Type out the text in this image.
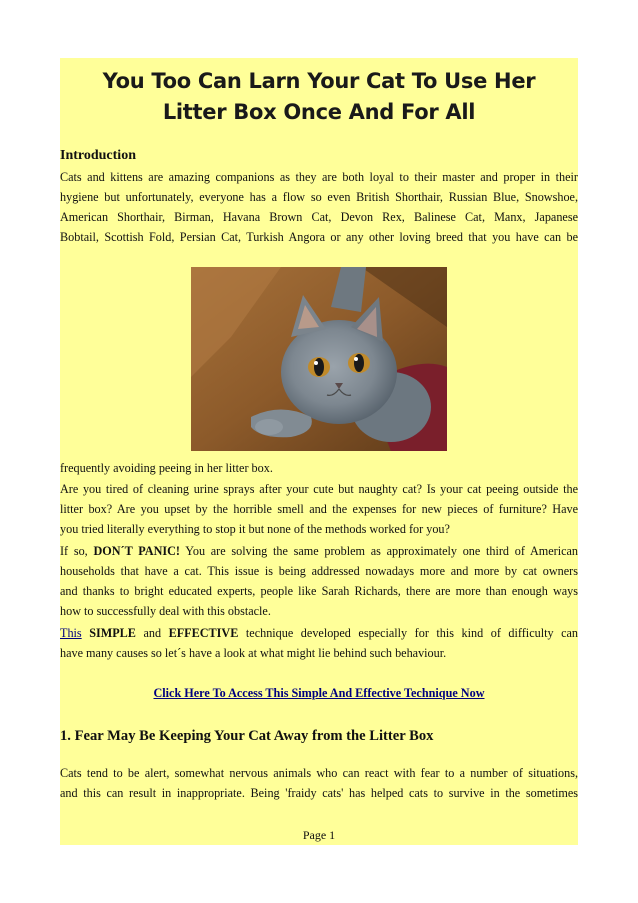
You Too Can Larn Your Cat To Use Her
Litter Box Once And For All
Introduction
Cats and kittens are amazing companions as they are both loyal to their master and proper in their
hygiene but unfortunately, everyone has a flow so even British Shorthair, Russian Blue, Snowshoe,
American Shorthair, Birman, Havana Brown Cat, Devon Rex, Balinese Cat, Manx, Japanese
Bobtail, Scottish Fold, Persian Cat, Turkish Angora or any other loving breed that you have can be
frequently avoiding peeing in her litter box.
Are you tired of cleaning urine sprays after your cute but naughty cat? Is your cat peeing outside the
litter box? Are you upset by the horrible smell and the expenses for new pieces of furniture? Have
you tried literally everything to stop it but none of the methods worked for you?
If so, DON´T PANIC! You are solving the same problem as approximately one third of American
households that have a cat. This issue is being addressed nowadays more and more by cat owners
and thanks to bright educated experts, people like Sarah Richards, there are more than enough ways
how to successfully deal with this obstacle.
This SIMPLE and EFFECTIVE technique developed especially for this kind of difficulty can
have many causes so let´s have a look at what might lie behind such behaviour.
Click Here To Access This Simple And Effective Technique Now
1. Fear May Be Keeping Your Cat Away from the Litter Box
Cats tend to be alert, somewhat nervous animals who can react with fear to a number of situations,
and this can result in inappropriate. Being 'fraidy cats' has helped cats to survive in the sometimes
Page 1
